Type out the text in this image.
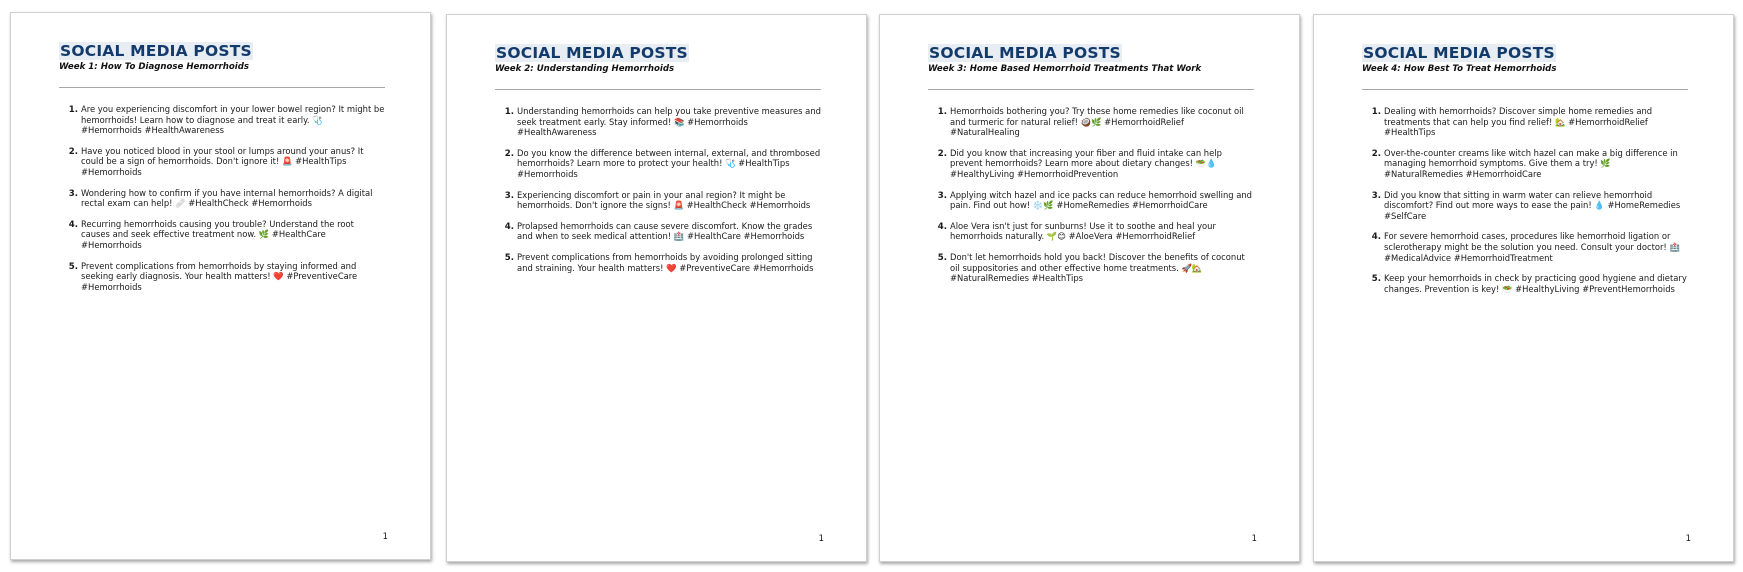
SOCIAL MEDIA POSTS
Week 1: How To Diagnose Hemorrhoids
1. Are you experiencing discomfort in your lower bowel region? It might be hemorrhoids! Learn how to diagnose and treat it early. 🩺 #Hemorrhoids #HealthAwareness
2. Have you noticed blood in your stool or lumps around your anus? It could be a sign of hemorrhoids. Don't ignore it! 🚨 #HealthTips #Hemorrhoids
3. Wondering how to confirm if you have internal hemorrhoids? A digital rectal exam can help! 🩹 #HealthCheck #Hemorrhoids
4. Recurring hemorrhoids causing you trouble? Understand the root causes and seek effective treatment now. 🌿 #HealthCare #Hemorrhoids
5. Prevent complications from hemorrhoids by staying informed and seeking early diagnosis. Your health matters! ❤️ #PreventiveCare #Hemorrhoids
1
SOCIAL MEDIA POSTS
Week 2: Understanding Hemorrhoids
1. Understanding hemorrhoids can help you take preventive measures and seek treatment early. Stay informed! 📚 #Hemorrhoids #HealthAwareness
2. Do you know the difference between internal, external, and thrombosed hemorrhoids? Learn more to protect your health! 🩺 #HealthTips #Hemorrhoids
3. Experiencing discomfort or pain in your anal region? It might be hemorrhoids. Don't ignore the signs! 🚨 #HealthCheck #Hemorrhoids
4. Prolapsed hemorrhoids can cause severe discomfort. Know the grades and when to seek medical attention! 🏥 #HealthCare #Hemorrhoids
5. Prevent complications from hemorrhoids by avoiding prolonged sitting and straining. Your health matters! ❤️ #PreventiveCare #Hemorrhoids
1
SOCIAL MEDIA POSTS
Week 3: Home Based Hemorrhoid Treatments That Work
1. Hemorrhoids bothering you? Try these home remedies like coconut oil and turmeric for natural relief! 🥥🌿 #HemorrhoidRelief #NaturalHealing
2. Did you know that increasing your fiber and fluid intake can help prevent hemorrhoids? Learn more about dietary changes! 🥗💧 #HealthyLiving #HemorrhoidPrevention
3. Applying witch hazel and ice packs can reduce hemorrhoid swelling and pain. Find out how! ❄️🌿 #HomeRemedies #HemorrhoidCare
4. Aloe Vera isn't just for sunburns! Use it to soothe and heal your hemorrhoids naturally. 🌱😊 #AloeVera #HemorrhoidRelief
5. Don't let hemorrhoids hold you back! Discover the benefits of coconut oil suppositories and other effective home treatments. 🚀🏡 #NaturalRemedies #HealthTips
1
SOCIAL MEDIA POSTS
Week 4: How Best To Treat Hemorrhoids
1. Dealing with hemorrhoids? Discover simple home remedies and treatments that can help you find relief! 🏡 #HemorrhoidRelief #HealthTips
2. Over-the-counter creams like witch hazel can make a big difference in managing hemorrhoid symptoms. Give them a try! 🌿 #NaturalRemedies #HemorrhoidCare
3. Did you know that sitting in warm water can relieve hemorrhoid discomfort? Find out more ways to ease the pain! 💧 #HomeRemedies #SelfCare
4. For severe hemorrhoid cases, procedures like hemorrhoid ligation or sclerotherapy might be the solution you need. Consult your doctor! 🏥 #MedicalAdvice #HemorrhoidTreatment
5. Keep your hemorrhoids in check by practicing good hygiene and dietary changes. Prevention is key! 🥗 #HealthyLiving #PreventHemorrhoids
1
